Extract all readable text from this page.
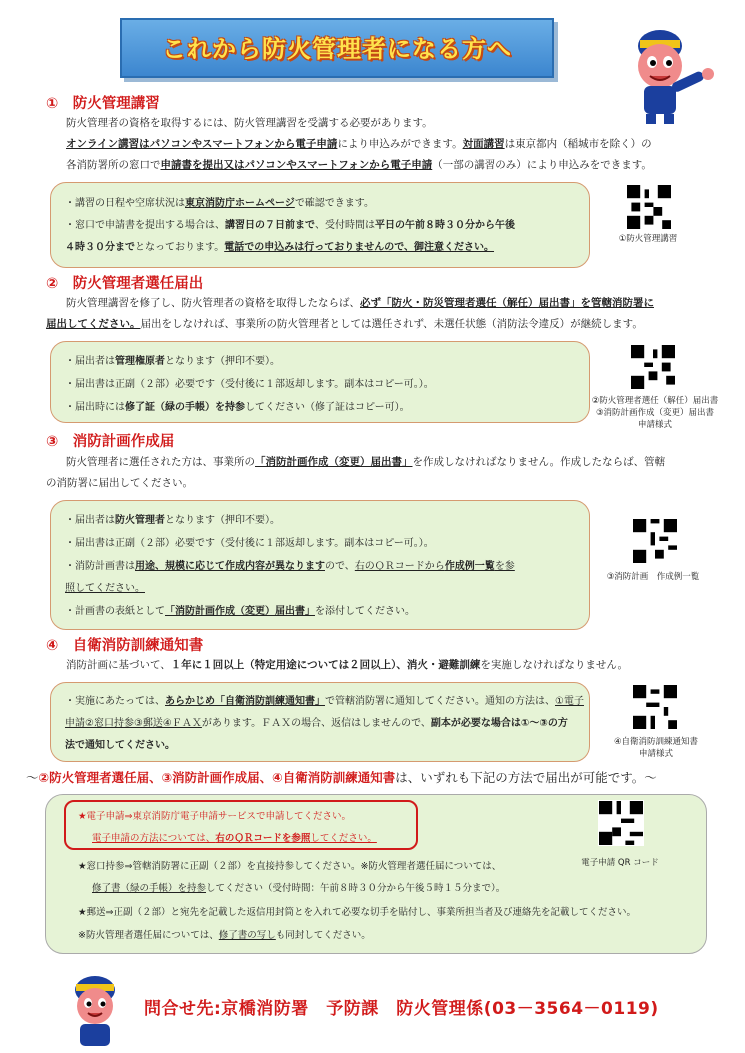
これから防火管理者になる方へ
①　防火管理講習
防火管理者の資格を取得するには、防火管理講習を受講する必要があります。
オンライン講習はパソコンやスマートフォンから電子申請により申込みができます。対面講習は東京都内（稲城市を除く）の
各消防署所の窓口で申請書を提出又はパソコンやスマートフォンから電子申請（一部の講習のみ）により申込みをできます。
・講習の日程や空席状況は東京消防庁ホームページで確認できます。
・窓口で申請書を提出する場合は、講習日の７日前まで、受付時間は平日の午前８時３０分から午後
４時３０分までとなっております。電話での申込みは行っておりませんので、御注意ください。
①防火管理講習
②　防火管理者選任届出
防火管理講習を修了し、防火管理者の資格を取得したならば、必ず「防火・防災管理者選任（解任）届出書」を管轄消防署に
届出してください。届出をしなければ、事業所の防火管理者としては選任されず、未選任状態（消防法令違反）が継続します。
・届出者は管理権原者となります（押印不要）。
・届出書は正副（２部）必要です（受付後に１部返却します。副本はコピー可。）。
・届出時には修了証（緑の手帳）を持参してください（修了証はコピー可）。
②防火管理者選任（解任）届出書
③消防計画作成（変更）届出書
申請様式
③　消防計画作成届
防火管理者に選任された方は、事業所の「消防計画作成（変更）届出書」を作成しなければなりません。作成したならば、管轄
の消防署に届出してください。
・届出者は防火管理者となります（押印不要）。
・届出書は正副（２部）必要です（受付後に１部返却します。副本はコピー可。）。
・消防計画書は用途、規模に応じて作成内容が異なりますので、右のＱＲコードから作成例一覧を参
照してください。
・計画書の表紙として「消防計画作成（変更）届出書」を添付してください。
③消防計画　作成例一覧
④　自衛消防訓練通知書
消防計画に基づいて、１年に１回以上（特定用途については２回以上）、消火・避難訓練を実施しなければなりません。
・実施にあたっては、あらかじめ「自衛消防訓練通知書」で管轄消防署に通知してください。通知の方法は、①電子
申請②窓口持参③郵送④ＦＡＸがあります。ＦＡＸの場合、返信はしませんので、副本が必要な場合は①～③の方
法で通知してください。	④自衛消防訓練通知書
申請様式
～②防火管理者選任届、③消防計画作成届、④自衛消防訓練通知書は、いずれも下記の方法で届出が可能です。～
★電子申請⇒東京消防庁電子申請サービスで申請してください。
電子申請の方法については、右のＱＲコードを参照してください。
★窓口持参⇒管轄消防署に正副（２部）を直接持参してください。※防火管理者選任届については、
修了書（緑の手帳）を持参してください（受付時間：午前８時３０分から午後５時１５分まで）。
★郵送⇒正副（２部）と宛先を記載した返信用封筒とを入れて必要な切手を貼付し、事業所担当者及び連絡先を記載してください。
※防火管理者選任届については、修了書の写しも同封してください。
電子申請 QR コード
問合せ先:京橋消防署　予防課　防火管理係(03－3564－0119)
